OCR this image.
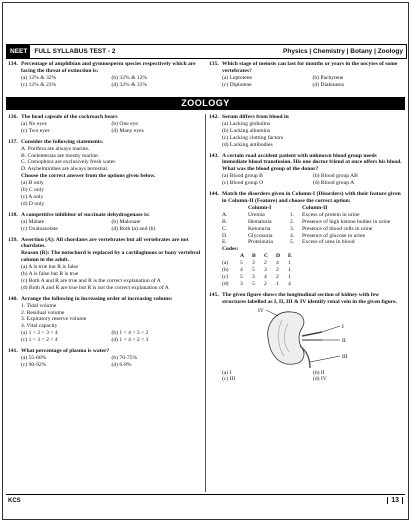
NEET	FULL SYLLABUS TEST - 2	Physics | Chemistry | Botany | Zoology
134. Percentage of amphibian and gymnosperm species respectively which are facing the threat of extinction is:
(a) 12% & 32%	(b) 32% & 12%
(c) 12% & 23%	(d) 32% & 31%
135. Which stage of meiosis can last for months or years in the oocytes of some vertebrates?
(a) Leptotene	(b) Pachytene
(c) Diplotene	(d) Diakinesis
ZOOLOGY
136. The head capsule of the cockroach bears
(a) No eyes	(b) One eye
(c) Two eyes	(d) Many eyes
137. Consider the following statements.
A. Porifera are always marine.
B. Coelenterata are mostly marine.
C. Ctenophora are exclusively fresh water.
D. Aschelminthes are always terrestial.
Choose the correct answer from the options given below.
(a) B only
(b) C only
(c) A only
(d) D only
138. A competitive inhibitor of succinate dehydrogenase is:
(a) Malate	(b) Malonate
(c) Oxaloacetate	(d) Both (a) and (b)
139. Assertion (A): All chordates are vertebrates but all vertebrates are not chordates.
Reason (R): The notochord is replaced by a cartilaginous or bony vertebral column in the adult.
(a) A is true but R is false
(b) A is false but R is true
(c) Both A and R are true and R is the correct explanation of A
(d) Both A and R are true but R is not the correct explanation of A
140. Arrange the following in increasing order of increasing volume:
1. Tidal volume
2. Residual volume
3. Expiratory reserve volume
4. Vital capacity
(a) 1 < 2 < 3 < 4	(b) 1 < 4 < 3 < 2
(c) 1 < 3 < 2 < 4	(d) 1 < 4 < 2 < 3
141. What percentage of plasma is water?
(a) 55-60%	(b) 70-75%
(c) 90-92%	(d) 6-8%
142. Serum differs from blood in
(a) Lacking globulins
(b) Lacking albumins
(c) Lacking clotting factors
(d) Lacking antibodies
143. A certain road accident patient with unknown blood group needs immediate blood transfusion. His one doctor friend at once offers his blood. What was the blood group of the donor?
(a) Blood group B	(b) Blood group AB
(c) Blood group O	(d) Blood group A
144. Match the disorders given in Column-I (Disorders) with their feature given in Column-II (Feature) and choose the correct option:
Column-I	Column-II
A.	Uremia	1.	Excess of protein in urine
B.	Hematuria	2.	Presence of high ketone bodies in urine
C.	Ketonuria	3.	Presence of blood cells in urine
D.	Glycosuria	4.	Presence of glucose in urine
E.	Proteinuria	5.	Excess of urea in blood
Codes:
A	B	C	D	E
(a)	5	3	2	4	1
(b)	4	5	3	2	1
(c)	5	3	4	2	1
(d)	3	5	2	1	4
145. The given figure shows the longitudinal section of kidney with few structures labelled as I, II, III & IV identify renal vein in the given figure.
IV
I
II
III
(a) I	(b) II
(c) III	(d) IV
KCS	13
